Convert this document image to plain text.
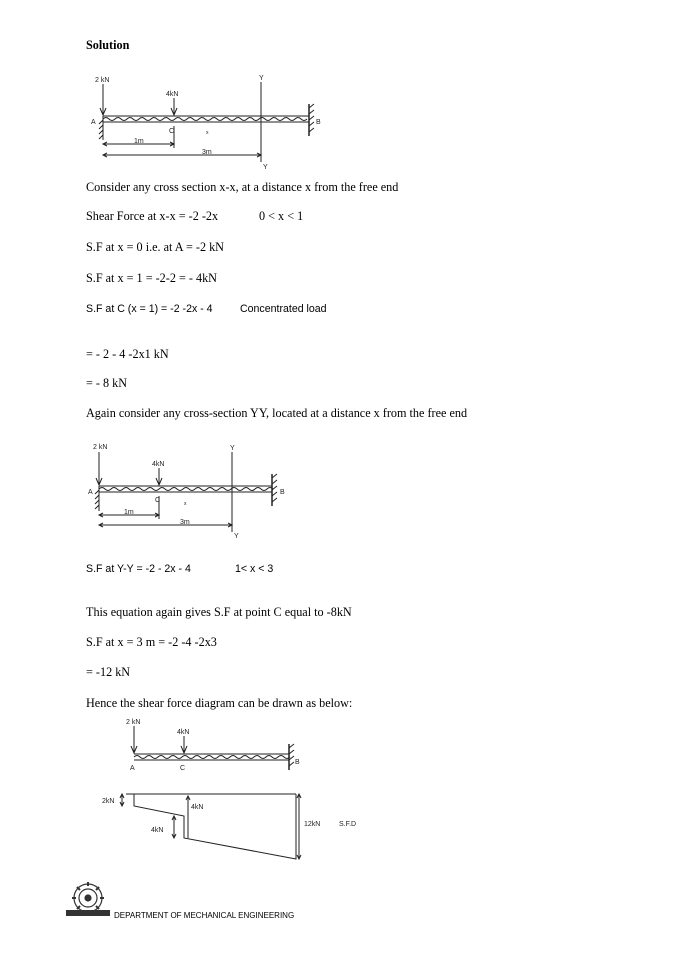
Solution
2 kN
4kN
A	B
C
Y
Y
x
1m
3m
Consider any cross section x-x, at a distance x from the free end
Shear Force at x-x = -2 -2x	0 < x < 1
S.F at x = 0 i.e. at A = -2 kN
S.F at x = 1 = -2-2 = - 4kN
S.F at C (x = 1) = -2 -2x - 4	Concentrated load
= - 2 - 4 -2x1 kN
= - 8 kN
Again consider any cross-section YY, located at a distance x from the free end
2 kN
4kN
A	B
C
Y
Y
x
1m
3m
S.F at Y-Y = -2 - 2x - 4	1< x < 3
This equation again gives S.F at point C equal to -8kN
S.F at x = 3 m = -2 -4 -2x3
= -12 kN
Hence the shear force diagram can be drawn as below:
2 kN
4kN
A
B
C
2kN
4kN
4kN
12kN	S.F.D
DEPARTMENT OF MECHANICAL ENGINEERING
